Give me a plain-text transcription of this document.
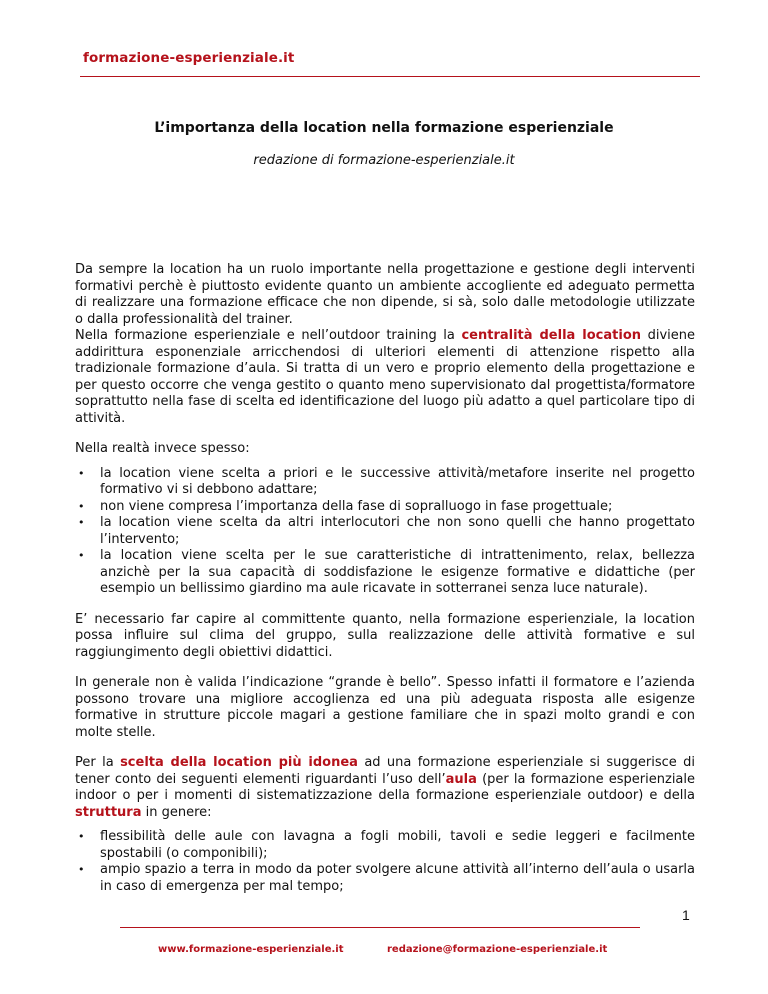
formazione-esperienziale.it
L’importanza della location nella formazione esperienziale
redazione di formazione-esperienziale.it

Da sempre la location ha un ruolo importante nella progettazione e gestione degli interventi formativi perchè è piuttosto evidente quanto un ambiente accogliente ed adeguato permetta di realizzare una formazione efficace che non dipende, si sà, solo dalle metodologie utilizzate o dalla professionalità del trainer.

Nella formazione esperienziale e nell’outdoor training la centralità della location diviene addirittura esponenziale arricchendosi di ulteriori elementi di attenzione rispetto alla tradizionale formazione d’aula. Si tratta di un vero e proprio elemento della progettazione e per questo occorre che venga gestito o quanto meno supervisionato dal progettista/formatore soprattutto nella fase di scelta ed identificazione del luogo più adatto a quel particolare tipo di attività.

Nella realtà invece spesso:

• la location viene scelta a priori e le successive attività/metafore inserite nel progetto formativo vi si debbono adattare;
• non viene compresa l’importanza della fase di sopralluogo in fase progettuale;
• la location viene scelta da altri interlocutori che non sono quelli che hanno progettato l’intervento;
• la location viene scelta per le sue caratteristiche di intrattenimento, relax, bellezza anzichè per la sua capacità di soddisfazione le esigenze formative e didattiche (per esempio un bellissimo giardino ma aule ricavate in sotterranei senza luce naturale).

E’ necessario far capire al committente quanto, nella formazione esperienziale, la location possa influire sul clima del gruppo, sulla realizzazione delle attività formative e sul raggiungimento degli obiettivi didattici.

In generale non è valida l’indicazione “grande è bello”. Spesso infatti il formatore e l’azienda possono trovare una migliore accoglienza ed una più adeguata risposta alle esigenze formative in strutture piccole magari a gestione familiare che in spazi molto grandi e con molte stelle.

Per la scelta della location più idonea ad una formazione esperienziale si suggerisce di tener conto dei seguenti elementi riguardanti l’uso dell’aula (per la formazione esperienziale indoor o per i momenti di sistematizzazione della formazione esperienziale outdoor) e della struttura in genere:

• flessibilità delle aule con lavagna a fogli mobili, tavoli e sedie leggeri e facilmente spostabili (o componibili);
• ampio spazio a terra in modo da poter svolgere alcune attività all’interno dell’aula o usarla in caso di emergenza per mal tempo;
1
www.formazione-esperienziale.it	redazione@formazione-esperienziale.it
